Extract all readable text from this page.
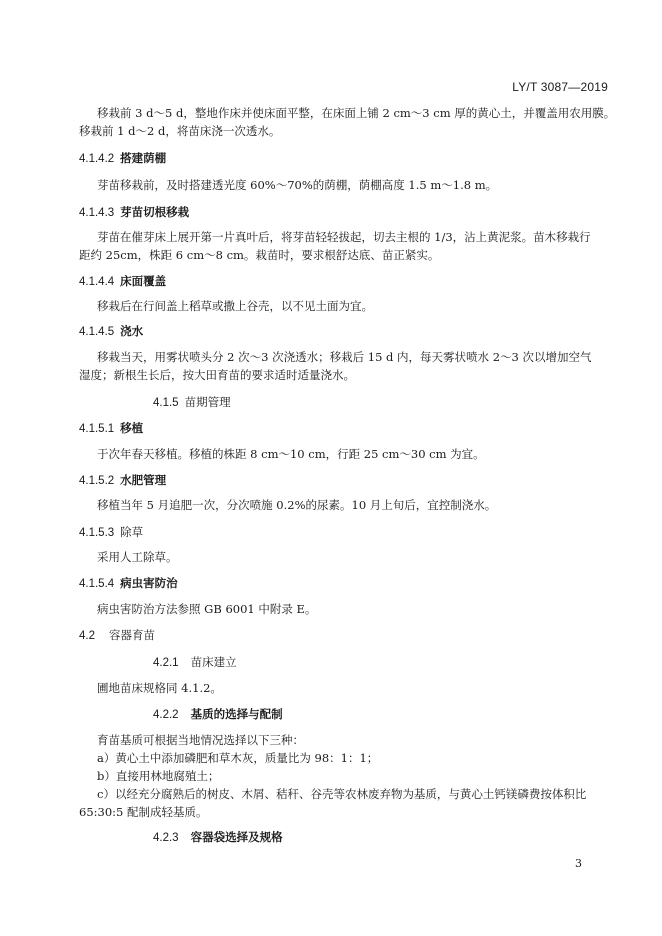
LY/T 3087—2019
移栽前 3 d～5 d，整地作床并使床面平整，在床面上铺 2 cm～3 cm 厚的黄心土，并覆盖用农用膜。
移栽前 1 d～2 d，将苗床浇一次透水。
4.1.4.2 搭建荫棚
芽苗移栽前，及时搭建透光度 60%～70%的荫棚，荫棚高度 1.5 m～1.8 m。
4.1.4.3 芽苗切根移栽
芽苗在催芽床上展开第一片真叶后，将芽苗轻轻拔起，切去主根的 1/3，沾上黄泥浆。苗木移栽行
距约 25cm，株距 6 cm～8 cm。栽苗时，要求根舒达底、苗正紧实。
4.1.4.4 床面覆盖
移栽后在行间盖上稻草或撒上谷壳，以不见土面为宜。
4.1.4.5 浇水
移栽当天，用雾状喷头分 2 次～3 次浇透水；移栽后 15 d 内，每天雾状喷水 2～3 次以增加空气
湿度；新根生长后，按大田育苗的要求适时适量浇水。
4.1.5 苗期管理
4.1.5.1 移植
于次年春天移植。移植的株距 8 cm～10 cm，行距 25 cm～30 cm 为宜。
4.1.5.2 水肥管理
移植当年 5 月追肥一次，分次喷施 0.2%的尿素。10 月上旬后，宜控制浇水。
4.1.5.3 除草
采用人工除草。
4.1.5.4 病虫害防治
病虫害防治方法参照 GB 6001 中附录 E。
4.2 容器育苗
4.2.1 苗床建立
圃地苗床规格同 4.1.2。
4.2.2 基质的选择与配制
育苗基质可根据当地情况选择以下三种：
a）黄心土中添加磷肥和草木灰，质量比为 98：1：1；
b）直接用林地腐殖土；
c）以经充分腐熟后的树皮、木屑、秸秆、谷壳等农林废弃物为基质，与黄心土钙镁磷费按体积比
65:30:5 配制成轻基质。
4.2.3 容器袋选择及规格
3
